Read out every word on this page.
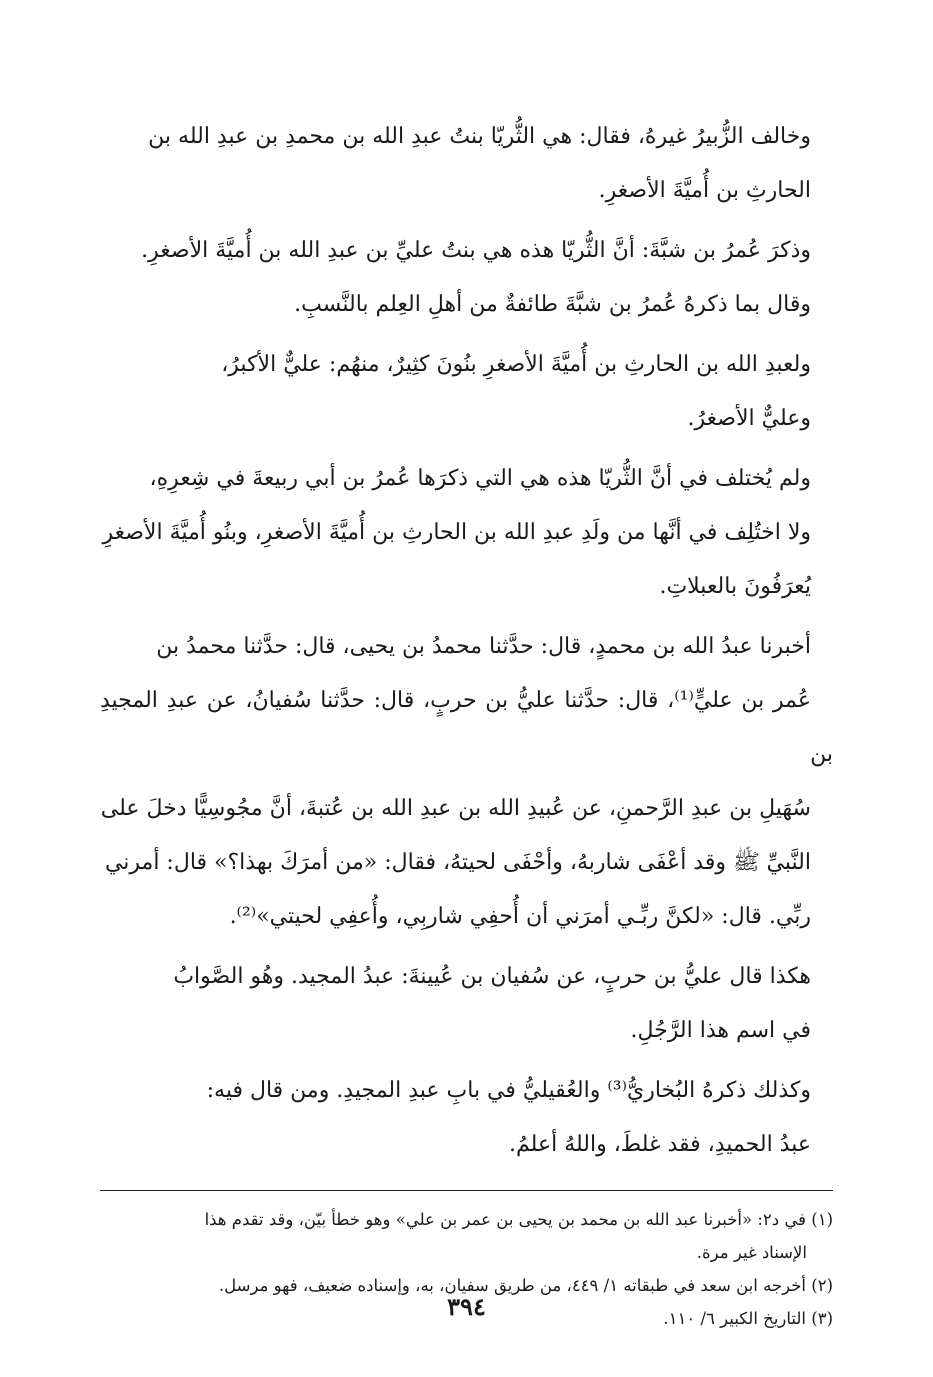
وخالف الزُّبيرُ غيرهُ، فقال: هي الثُّريّا بنتُ عبدِ الله بن محمدِ بن عبدِ الله بن
الحارثِ بن أُميَّةَ الأصغرِ.
وذكرَ عُمرُ بن شبَّةَ: أنَّ الثُّريّا هذه هي بنتُ عليِّ بن عبدِ الله بن أُميَّةَ الأصغرِ.
وقال بما ذكرهُ عُمرُ بن شبَّةَ طائفةٌ من أهلِ العِلم بالنَّسبِ.
ولعبدِ الله بن الحارثِ بن أُميَّةَ الأصغرِ بنُونَ كثِيرٌ، منهُم: عليٌّ الأكبرُ،
وعليٌّ الأصغرُ.
ولم يُختلف في أنَّ الثُّريّا هذه هي التي ذكرَها عُمرُ بن أبي ربيعةَ في شِعرِهِ،
ولا اختُلِف في أنَّها من ولَدِ عبدِ الله بن الحارثِ بن أُميَّةَ الأصغرِ، وبنُو أُميَّةَ الأصغرِ
يُعرَفُونَ بالعبلاتِ.
أخبرنا عبدُ الله بن محمدٍ، قال: حدَّثنا محمدُ بن يحيى، قال: حدَّثنا محمدُ بن
عُمر بن عليٍّ⁽¹⁾، قال: حدَّثنا عليُّ بن حربٍ، قال: حدَّثنا سُفيانُ، عن عبدِ المجيدِ بن
سُهَيلِ بن عبدِ الرَّحمنِ، عن عُبيدِ الله بن عبدِ الله بن عُتبةَ، أنَّ مجُوسِيًّا دخلَ على
النَّبيِّ ﷺ وقد أعْفَى شاربهُ، وأحْفَى لحيتهُ، فقال: «من أمرَكَ بهذا؟» قال: أمرني
ربِّي. قال: «لكنَّ ربِّـي أمرَني أن أُحفِي شاربِي، وأُعفِي لحيتي»⁽²⁾.
هكذا قال عليُّ بن حربٍ، عن سُفيان بن عُيينةَ: عبدُ المجيد. وهُو الصَّوابُ
في اسم هذا الرَّجُلِ.
وكذلك ذكرهُ البُخاريُّ⁽³⁾ والعُقيليُّ في بابِ عبدِ المجيدِ. ومن قال فيه:
عبدُ الحميدِ، فقد غلطَ، واللهُ أعلمُ.
(١) في د٢: «أخبرنا عبد الله بن محمد بن يحيى بن عمر بن علي» وهو خطأ بيّن، وقد تقدم هذا
الإسناد غير مرة.
(٢) أخرجه ابن سعد في طبقاته ١/ ٤٤٩، من طريق سفيان، به، وإسناده ضعيف، فهو مرسل.
(٣) التاريخ الكبير ٦/ ١١٠.
٣٩٤
